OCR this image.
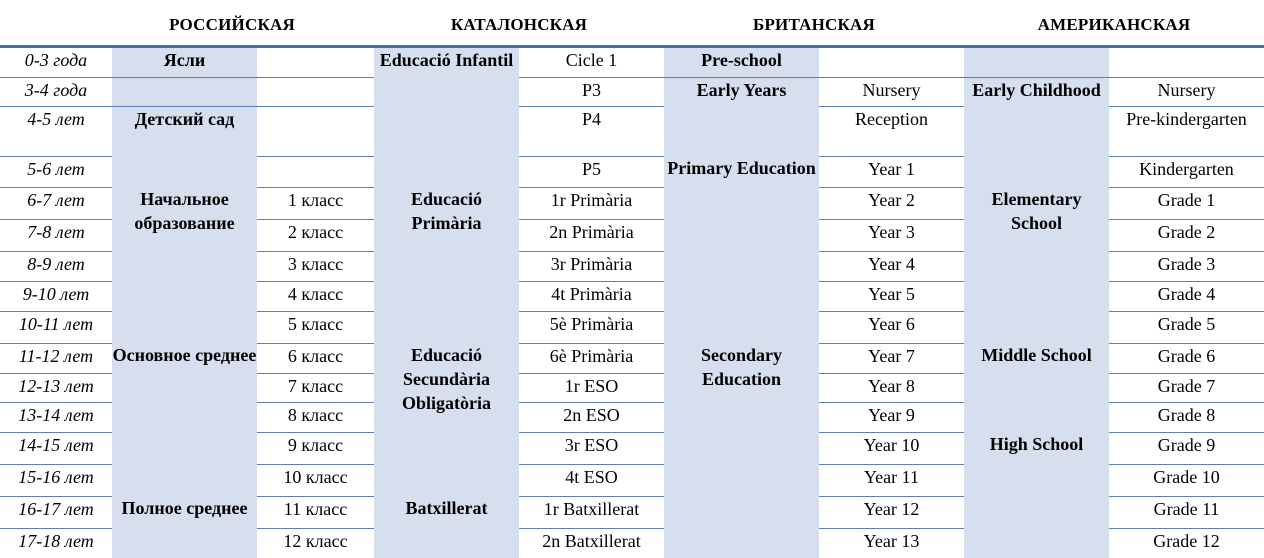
РОССИЙСКАЯ	КАТАЛОНСКАЯ	БРИТАНСКАЯ	АМЕРИКАНСКАЯ
0-3 года	Ясли		Educació Infantil	Cicle 1	Pre-school			
3-4 года				P3	Early Years	Nursery	Early Childhood	Nursery
4-5 лет	Детский сад			P4		Reception		Pre-kindergarten
5-6 лет				P5	Primary Education	Year 1		Kindergarten
6-7 лет	Начальное образование	1 класс	Educació Primària	1r Primària		Year 2	Elementary School	Grade 1
7-8 лет		2 класс		2n Primària		Year 3		Grade 2
8-9 лет		3 класс		3r Primària		Year 4		Grade 3
9-10 лет		4 класс		4t Primària		Year 5		Grade 4
10-11 лет		5 класс		5è Primària		Year 6		Grade 5
11-12 лет	Основное среднее	6 класс	Educació Secundària Obligatòria	6è Primària	Secondary Education	Year 7	Middle School	Grade 6
12-13 лет		7 класс		1r ESO		Year 8		Grade 7
13-14 лет		8 класс		2n ESO		Year 9		Grade 8
14-15 лет		9 класс		3r ESO		Year 10	High School	Grade 9
15-16 лет		10 класс		4t ESO		Year 11		Grade 10
16-17 лет	Полное среднее	11 класс	Batxillerat	1r Batxillerat		Year 12		Grade 11
17-18 лет		12 класс		2n Batxillerat		Year 13		Grade 12
